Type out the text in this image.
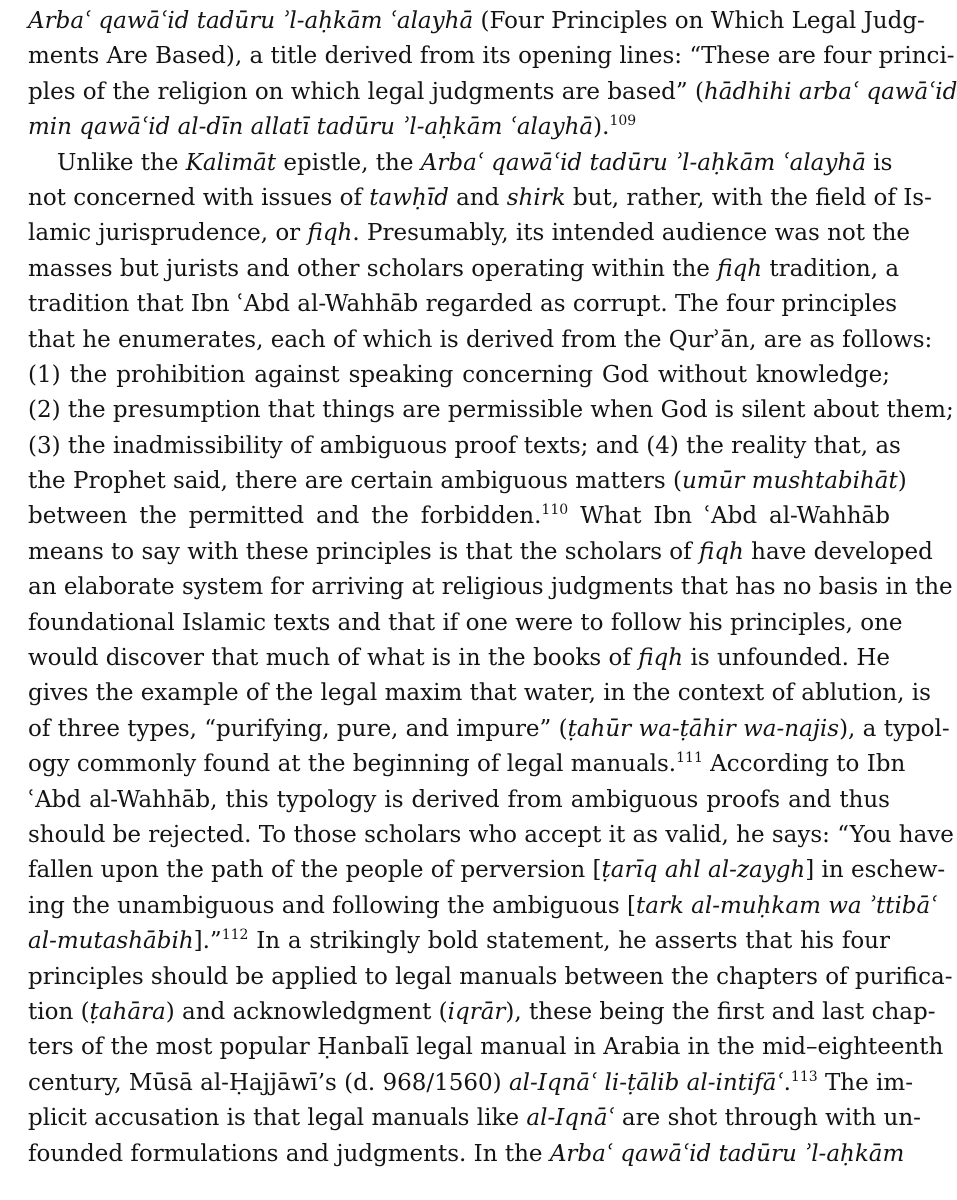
Arbaʿ qawāʿid tadūru ʾl-aḥkām ʿalayhā (Four Principles on Which Legal Judg-
ments Are Based), a title derived from its opening lines: “These are four princi-
ples of the religion on which legal judgments are based” (hādhihi arbaʿ qawāʿid
min qawāʿid al-dīn allatī tadūru ʾl-aḥkām ʿalayhā).$^{109}$
Unlike the Kalimāt epistle, the Arbaʿ qawāʿid tadūru ʾl-aḥkām ʿalayhā is
not concerned with issues of tawḥīd and shirk but, rather, with the field of Is-
lamic jurisprudence, or fiqh. Presumably, its intended audience was not the
masses but jurists and other scholars operating within the fiqh tradition, a
tradition that Ibn ʿAbd al-Wahhāb regarded as corrupt. The four principles
that he enumerates, each of which is derived from the Qurʾān, are as follows:
(1) the prohibition against speaking concerning God without knowledge;
(2) the presumption that things are permissible when God is silent about them;
(3) the inadmissibility of ambiguous proof texts; and (4) the reality that, as
the Prophet said, there are certain ambiguous matters (umūr mushtabihāt)
between the permitted and the forbidden.$^{110}$ What Ibn ʿAbd al-Wahhāb
means to say with these principles is that the scholars of fiqh have developed
an elaborate system for arriving at religious judgments that has no basis in the
foundational Islamic texts and that if one were to follow his principles, one
would discover that much of what is in the books of fiqh is unfounded. He
gives the example of the legal maxim that water, in the context of ablution, is
of three types, “purifying, pure, and impure” (ṭahūr wa-ṭāhir wa-najis), a typol-
ogy commonly found at the beginning of legal manuals.$^{111}$ According to Ibn
ʿAbd al-Wahhāb, this typology is derived from ambiguous proofs and thus
should be rejected. To those scholars who accept it as valid, he says: “You have
fallen upon the path of the people of perversion [ṭarīq ahl al-zaygh] in eschew-
ing the unambiguous and following the ambiguous [tark al-muḥkam wa ʾttibāʿ
al-mutashābih].”$^{112}$ In a strikingly bold statement, he asserts that his four
principles should be applied to legal manuals between the chapters of purifica-
tion (ṭahāra) and acknowledgment (iqrār), these being the first and last chap-
ters of the most popular Ḥanbalī legal manual in Arabia in the mid–eighteenth
century, Mūsā al-Ḥajjāwī’s (d. 968/1560) al-Iqnāʿ li-ṭālib al-intifāʿ.$^{113}$ The im-
plicit accusation is that legal manuals like al-Iqnāʿ are shot through with un-
founded formulations and judgments. In the Arbaʿ qawāʿid tadūru ʾl-aḥkām
